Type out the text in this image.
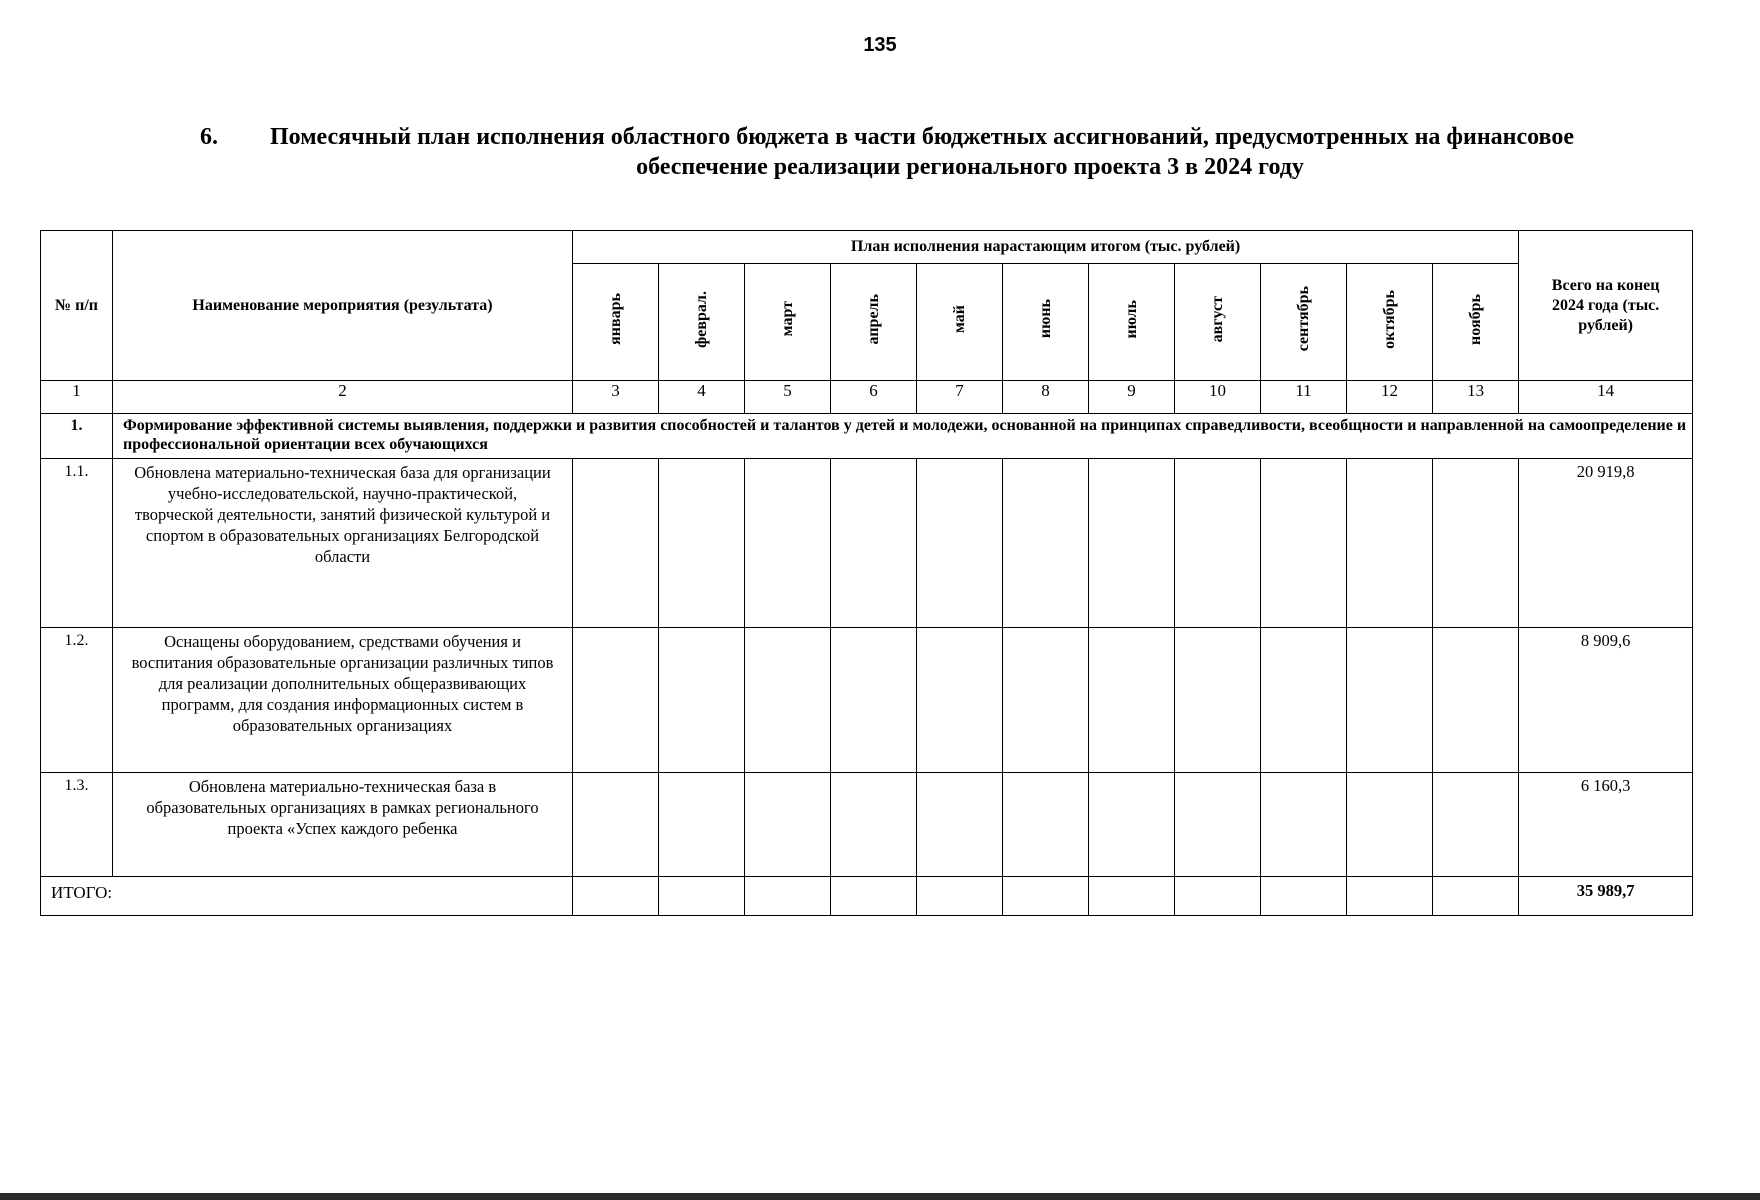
135
6.	Помесячный план исполнения областного бюджета в части бюджетных ассигнований, предусмотренных на финансовое
обеспечение реализации регионального проекта 3 в 2024 году
№ п/п	Наименование мероприятия (результата)	План исполнения нарастающим итогом (тыс. рублей)											Всего на конец 2024 года (тыс. рублей)
		январь	феврал.	март	апрель	май	июнь	июль	август	сентябрь	октябрь	ноябрь	
1	2	3	4	5	6	7	8	9	10	11	12	13	14
1.	Формирование эффективной системы выявления, поддержки и развития способностей и талантов у детей и молодежи, основанной на принципах справедливости, всеобщности и направленной на самоопределение и профессиональной ориентации всех обучающихся												
1.1.	Обновлена материально-техническая база для организации учебно-исследовательской, научно-практической, творческой деятельности, занятий физической культурой и спортом в образовательных организациях Белгородской области												20 919,8
1.2.	Оснащены оборудованием, средствами обучения и воспитания образовательные организации различных типов для реализации дополнительных общеразвивающих программ, для создания информационных систем в образовательных организациях												8 909,6
1.3.	Обновлена материально-техническая база в образовательных организациях в рамках регионального проекта «Успех каждого ребенка												6 160,3
ИТОГО:													35 989,7
